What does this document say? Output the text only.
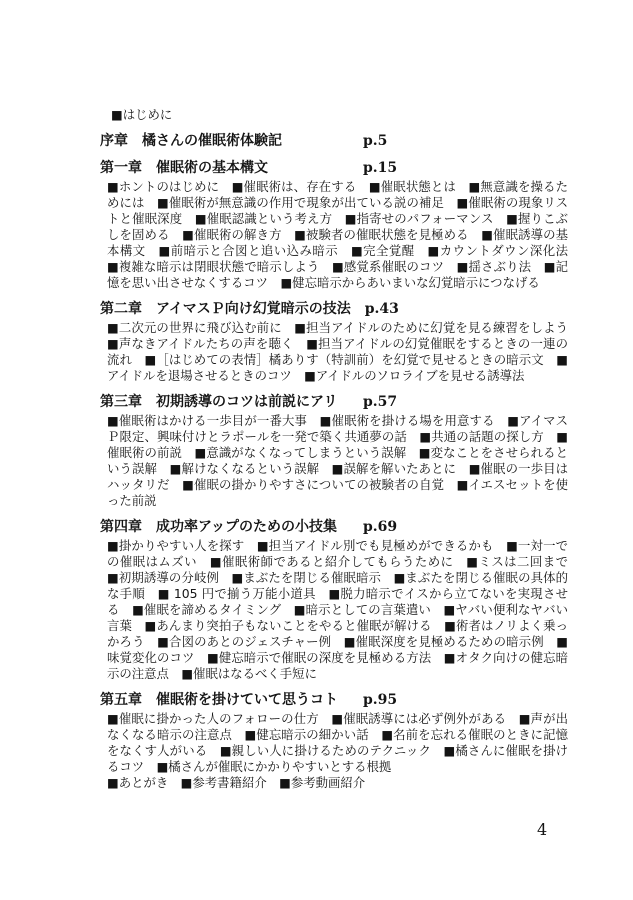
■はじめに
序章　橘さんの催眠術体験記	p.5
第一章　催眠術の基本構文	p.15
■ホントのはじめに　 ■催眠術は、存在する　 ■催眠状態とは　 ■無意識を操るためには　 ■催眠術が無意識の作用で現象が出ている説の補足　 ■催眠術の現象リストと催眠深度　 ■催眠認識という考え方　 ■指寄せのパフォーマンス　 ■握りこぶしを固める　 ■催眠術の解き方　 ■被験者の催眠状態を見極める　 ■催眠誘導の基本構文　 ■前暗示と合図と追い込み暗示　 ■完全覚醒　 ■カウントダウン深化法　■複雑な暗示は閉眼状態で暗示しよう　 ■感覚系催眠のコツ　 ■揺さぶり法　 ■記憶を思い出させなくするコツ　 ■健忘暗示からあいまいな幻覚暗示につなげる
第二章　アイマスＰ向け幻覚暗示の技法	p.43
■二次元の世界に飛び込む前に　 ■担当アイドルのために幻覚を見る練習をしよう　■声なきアイドルたちの声を聴く　 ■担当アイドルの幻覚催眠をするときの一連の流れ　 ■［はじめての表情］橘ありす（特訓前）を幻覚で見せるときの暗示文　 ■アイドルを退場させるときのコツ　 ■アイドルのソロライブを見せる誘導法
第三章　初期誘導のコツは前説にアリ	p.57
■催眠術はかける一歩目が一番大事　 ■催眠術を掛ける場を用意する　 ■アイマスＰ限定、興味付けとラポールを一発で築く共通夢の話　 ■共通の話題の探し方　 ■催眠術の前説　 ■意識がなくなってしまうという誤解　 ■変なことをさせられるという誤解　 ■解けなくなるという誤解　 ■誤解を解いたあとに　 ■催眠の一歩目はハッタリだ　 ■催眠の掛かりやすさについての被験者の自覚　 ■イエスセットを使った前説
第四章　成功率アップのための小技集	p.69
■掛かりやすい人を探す　 ■担当アイドル別でも見極めができるかも　 ■一対一での催眠はムズい　 ■催眠術師であると紹介してもらうために　 ■ミスは二回まで　■初期誘導の分岐例　 ■まぶたを閉じる催眠暗示　 ■まぶたを閉じる催眠の具体的な手順　 ■ 105 円で揃う万能小道具　 ■脱力暗示でイスから立てないを実現させる　 ■催眠を諦めるタイミング　 ■暗示としての言葉遣い　 ■ヤバい便利なヤバい言葉　 ■あんまり突拍子もないことをやると催眠が解ける　 ■術者はノリよく乗っかろう　 ■合図のあとのジェスチャー例　 ■催眠深度を見極めるための暗示例　 ■味覚変化のコツ　 ■健忘暗示で催眠の深度を見極める方法　 ■オタク向けの健忘暗示の注意点　 ■催眠はなるべく手短に
第五章　催眠術を掛けていて思うコト	p.95
■催眠に掛かった人のフォローの仕方　 ■催眠誘導には必ず例外がある　 ■声が出なくなる暗示の注意点　 ■健忘暗示の細かい話　 ■名前を忘れる催眠のときに記憶をなくす人がいる　 ■親しい人に掛けるためのテクニック　 ■橘さんに催眠を掛けるコツ　 ■橘さんが催眠にかかりやすいとする根拠
■あとがき　 ■参考書籍紹介　 ■参考動画紹介
4
